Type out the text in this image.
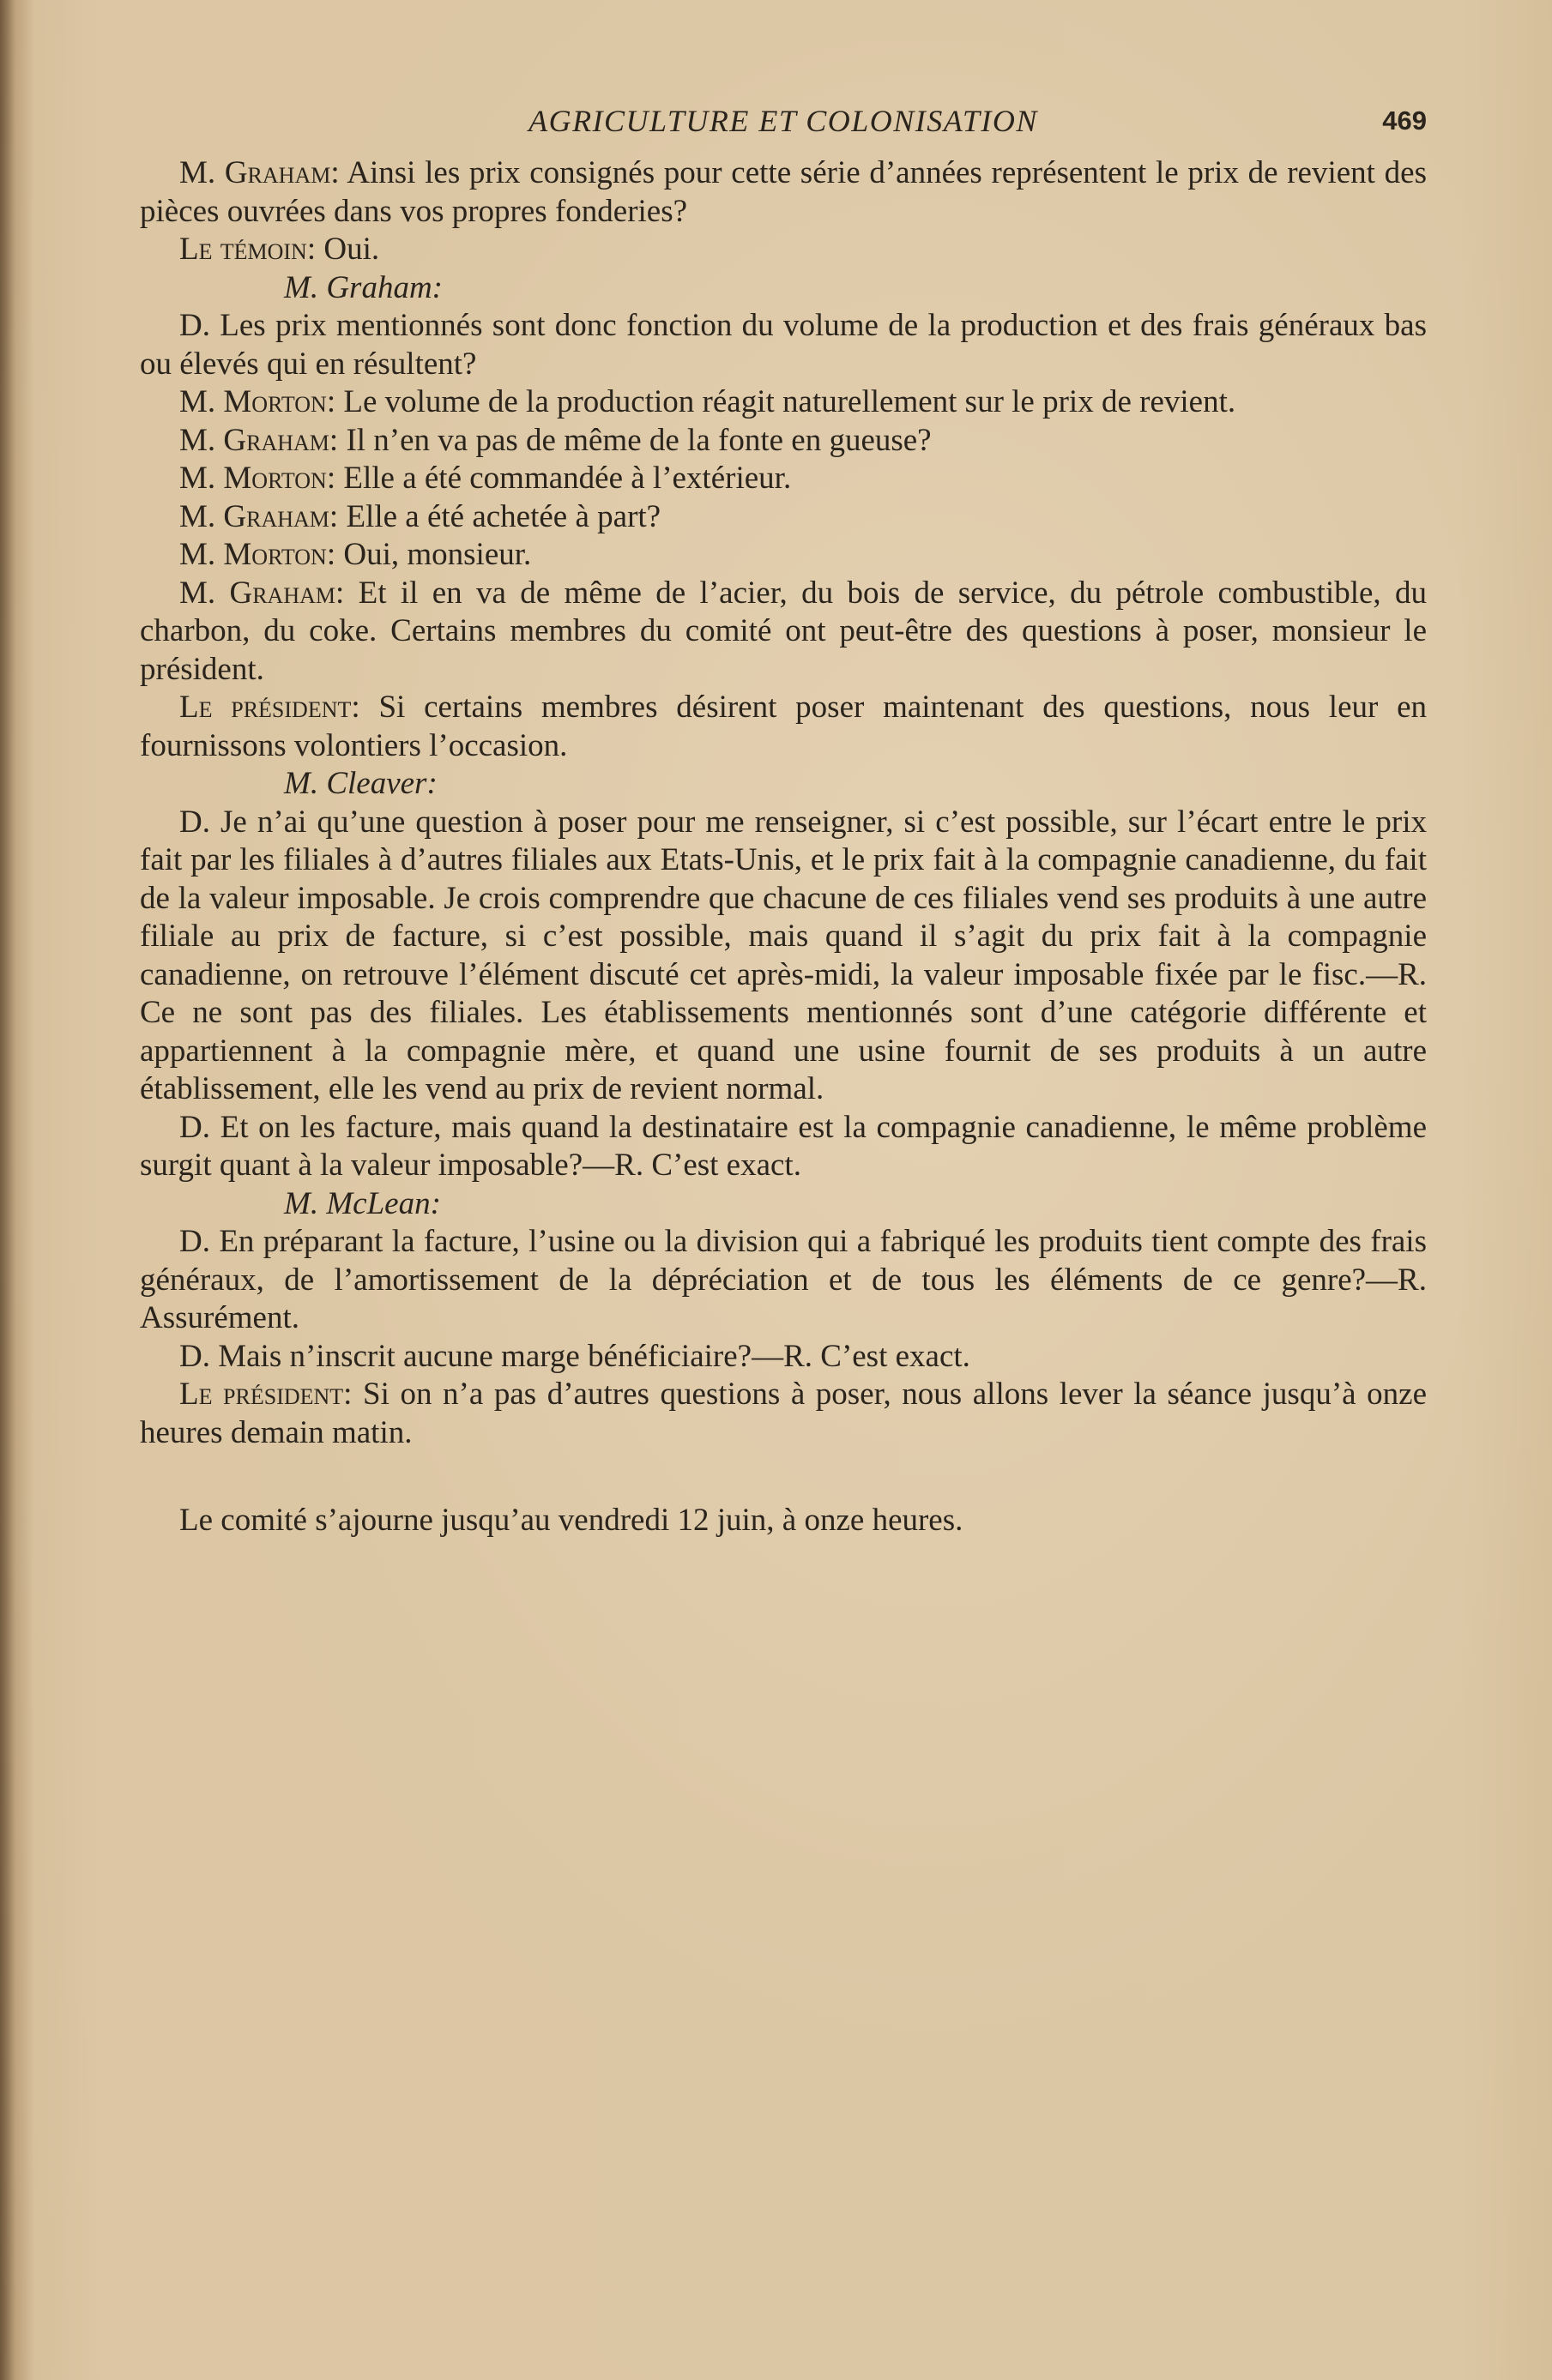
AGRICULTURE ET COLONISATION	469

M. Graham: Ainsi les prix consignés pour cette série d’années représentent le prix de revient des pièces ouvrées dans vos propres fonderies?

Le témoin: Oui.

M. Graham:

D. Les prix mentionnés sont donc fonction du volume de la production et des frais généraux bas ou élevés qui en résultent?

M. Morton: Le volume de la production réagit naturellement sur le prix de revient.

M. Graham: Il n’en va pas de même de la fonte en gueuse?

M. Morton: Elle a été commandée à l’extérieur.

M. Graham: Elle a été achetée à part?

M. Morton: Oui, monsieur.

M. Graham: Et il en va de même de l’acier, du bois de service, du pétrole combustible, du charbon, du coke. Certains membres du comité ont peut-être des questions à poser, monsieur le président.

Le président: Si certains membres désirent poser maintenant des questions, nous leur en fournissons volontiers l’occasion.

M. Cleaver:

D. Je n’ai qu’une question à poser pour me renseigner, si c’est possible, sur l’écart entre le prix fait par les filiales à d’autres filiales aux Etats-Unis, et le prix fait à la compagnie canadienne, du fait de la valeur imposable. Je crois comprendre que chacune de ces filiales vend ses produits à une autre filiale au prix de facture, si c’est possible, mais quand il s’agit du prix fait à la compagnie canadienne, on retrouve l’élément discuté cet après-midi, la valeur imposable fixée par le fisc.—R. Ce ne sont pas des filiales. Les établissements mentionnés sont d’une catégorie différente et appartiennent à la compagnie mère, et quand une usine fournit de ses produits à un autre établissement, elle les vend au prix de revient normal.

D. Et on les facture, mais quand la destinataire est la compagnie canadienne, le même problème surgit quant à la valeur imposable?—R. C’est exact.

M. McLean:

D. En préparant la facture, l’usine ou la division qui a fabriqué les produits tient compte des frais généraux, de l’amortissement de la dépréciation et de tous les éléments de ce genre?—R. Assurément.

D. Mais n’inscrit aucune marge bénéficiaire?—R. C’est exact.

Le président: Si on n’a pas d’autres questions à poser, nous allons lever la séance jusqu’à onze heures demain matin.

Le comité s’ajourne jusqu’au vendredi 12 juin, à onze heures.
